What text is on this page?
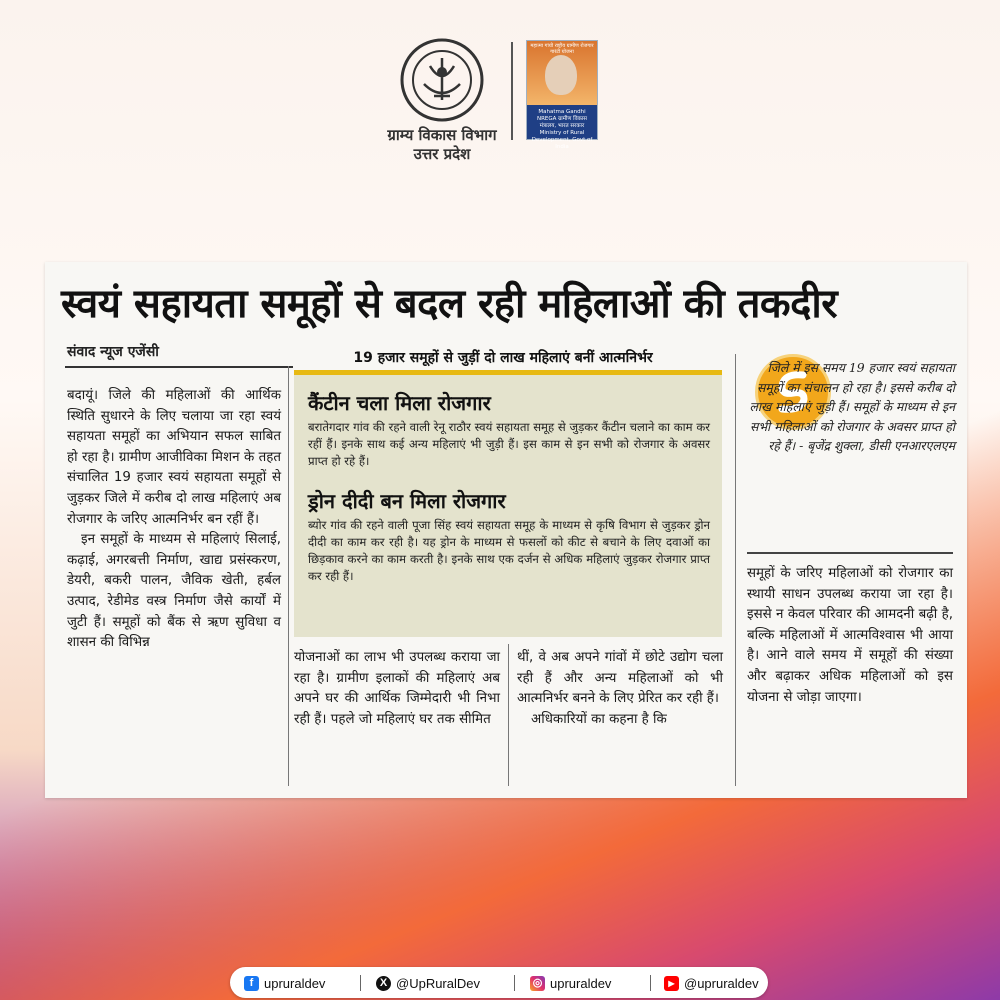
ग्राम्य विकास विभाग
उत्तर प्रदेश
महात्मा गांधी राष्ट्रीय ग्रामीण रोजगार गारंटी योजना
Mahatma Gandhi NREGA ग्रामीण विकास मंत्रालय, भारत सरकार Ministry of Rural Development, Govt of India
स्वयं सहायता समूहों से बदल रही महिलाओं की तकदीर
संवाद न्यूज एजेंसी	19 हजार समूहों से जुड़ीं दो लाख महिलाएं बनीं आत्मनिर्भर

बदायूं। जिले की महिलाओं की आर्थिक स्थिति सुधारने के लिए चलाया जा रहा स्वयं सहायता समूहों का अभियान सफल साबित हो रहा है। ग्रामीण आजीविका मिशन के तहत संचालित 19 हजार स्वयं सहायता समूहों से जुड़कर जिले में करीब दो लाख महिलाएं अब रोजगार के जरिए आत्मनिर्भर बन रहीं हैं।

इन समूहों के माध्यम से महिलाएं सिलाई, कढ़ाई, अगरबत्ती निर्माण, खाद्य प्रसंस्करण, डेयरी, बकरी पालन, जैविक खेती, हर्बल उत्पाद, रेडीमेड वस्त्र निर्माण जैसे कार्यों में जुटी हैं। समूहों को बैंक से ऋण सुविधा व शासन की विभिन्न

कैंटीन चला मिला रोजगार
बरातेगदार गांव की रहने वाली रेनू राठौर स्वयं सहायता समूह से जुड़कर कैंटीन चलाने का काम कर रहीं हैं। इनके साथ कई अन्य महिलाएं भी जुड़ी हैं। इस काम से इन सभी को रोजगार के अवसर प्राप्त हो रहे हैं।
ड्रोन दीदी बन मिला रोजगार
ब्योर गांव की रहने वाली पूजा सिंह स्वयं सहायता समूह के माध्यम से कृषि विभाग से जुड़कर ड्रोन दीदी का काम कर रही है। यह ड्रोन के माध्यम से फसलों को कीट से बचाने के लिए दवाओं का छिड़काव करने का काम करती है। इनके साथ एक दर्जन से अधिक महिलाएं जुड़कर रोजगार प्राप्त कर रही हैं।

योजनाओं का लाभ भी उपलब्ध कराया जा रहा है। ग्रामीण इलाकों की महिलाएं अब अपने घर की आर्थिक जिम्मेदारी भी निभा रही हैं। पहले जो महिलाएं घर तक सीमित

थीं, वे अब अपने गांवों में छोटे उद्योग चला रही हैं और अन्य महिलाओं को भी आत्मनिर्भर बनने के लिए प्रेरित कर रही हैं।

अधिकारियों का कहना है कि

जिले में इस समय 19 हजार स्वयं सहायता समूहों का संचालन हो रहा है। इससे करीब दो लाख महिलाएं जुड़ी हैं। समूहों के माध्यम से इन सभी महिलाओं को रोजगार के अवसर प्राप्त हो रहे हैं। - बृजेंद्र शुक्ला, डीसी एनआरएलएम

समूहों के जरिए महिलाओं को रोजगार का स्थायी साधन उपलब्ध कराया जा रहा है। इससे न केवल परिवार की आमदनी बढ़ी है, बल्कि महिलाओं में आत्मविश्वास भी आया है। आने वाले समय में समूहों की संख्या और बढ़ाकर अधिक महिलाओं को इस योजना से जोड़ा जाएगा।

f upruraldev	X @UpRuralDev	◎ upruraldev	▶ @upruraldev
